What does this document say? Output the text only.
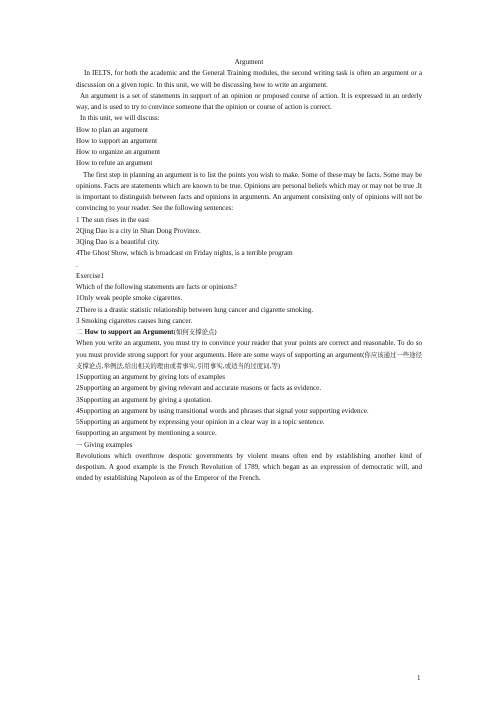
Argument

In IELTS, for both the academic and the General Training modules, the second writing task is often an argument or a discussion on a given topic. In this unit, we will be discussing how to write an argument.

An argument is a set of statements in support of an opinion or proposed course of action. It is expressed in an orderly way, and is used to try to convince someone that the opinion or course of action is correct.

In this unit, we will discuss:

How to plan an argument

How to support an argument

How to organize an argument

How to refute an argument

The first step in planning an argument is to list the points you wish to make. Some of these may be facts. Some may be opinions. Facts are statements which are known to be true. Opinions are personal beliefs which may or may not be true .It is important to distinguish between facts and opinions in arguments. An argument consisting only of opinions will not be convincing to your reader. See the following sentences:

1 The sun rises in the east

2Qing Dao is a city in Shan Dong Province.

3Qing Dao is a beautiful city.

4The Ghost Show, which is broadcast on Friday nights, is a terrible program

.

Exercise1

Which of the following statements are facts or opinions?

1Only weak people smoke cigarettes.

2There is a drastic statistic relationship between lung cancer and cigarette smoking.

3 Smoking cigarettes causes lung cancer.

二 How to support an Argument(如何支撑论点)

When you write an argument, you must try to convince your reader that your points are correct and reasonable. To do so you must provide strong support for your arguments. Here are some ways of supporting an argument(你应该通过一些途径支撑论点,举例法,给出相关的理由或者事实,引用事实,或适当的过度词,等)

1Supporting an argument by giving lots of examples

2Supporting an argument by giving relevant and accurate reasons or facts as evidence.

3Supporting an argument by giving a quotation.

4Supporting an argument by using transitional words and phrases that signal your supporting evidence.

5Supporting an argument by expressing your opinion in a clear way in a topic sentence.

6supporting an argument by mentioning a source.

一 Giving examples

Revolutions which overthrow despotic governments by violent means often end by establishing another kind of despotism. A good example is the French Revolution of 1789, which began as an expression of democratic will, and ended by establishing Napoleon as of the Emperor of the French.

1
